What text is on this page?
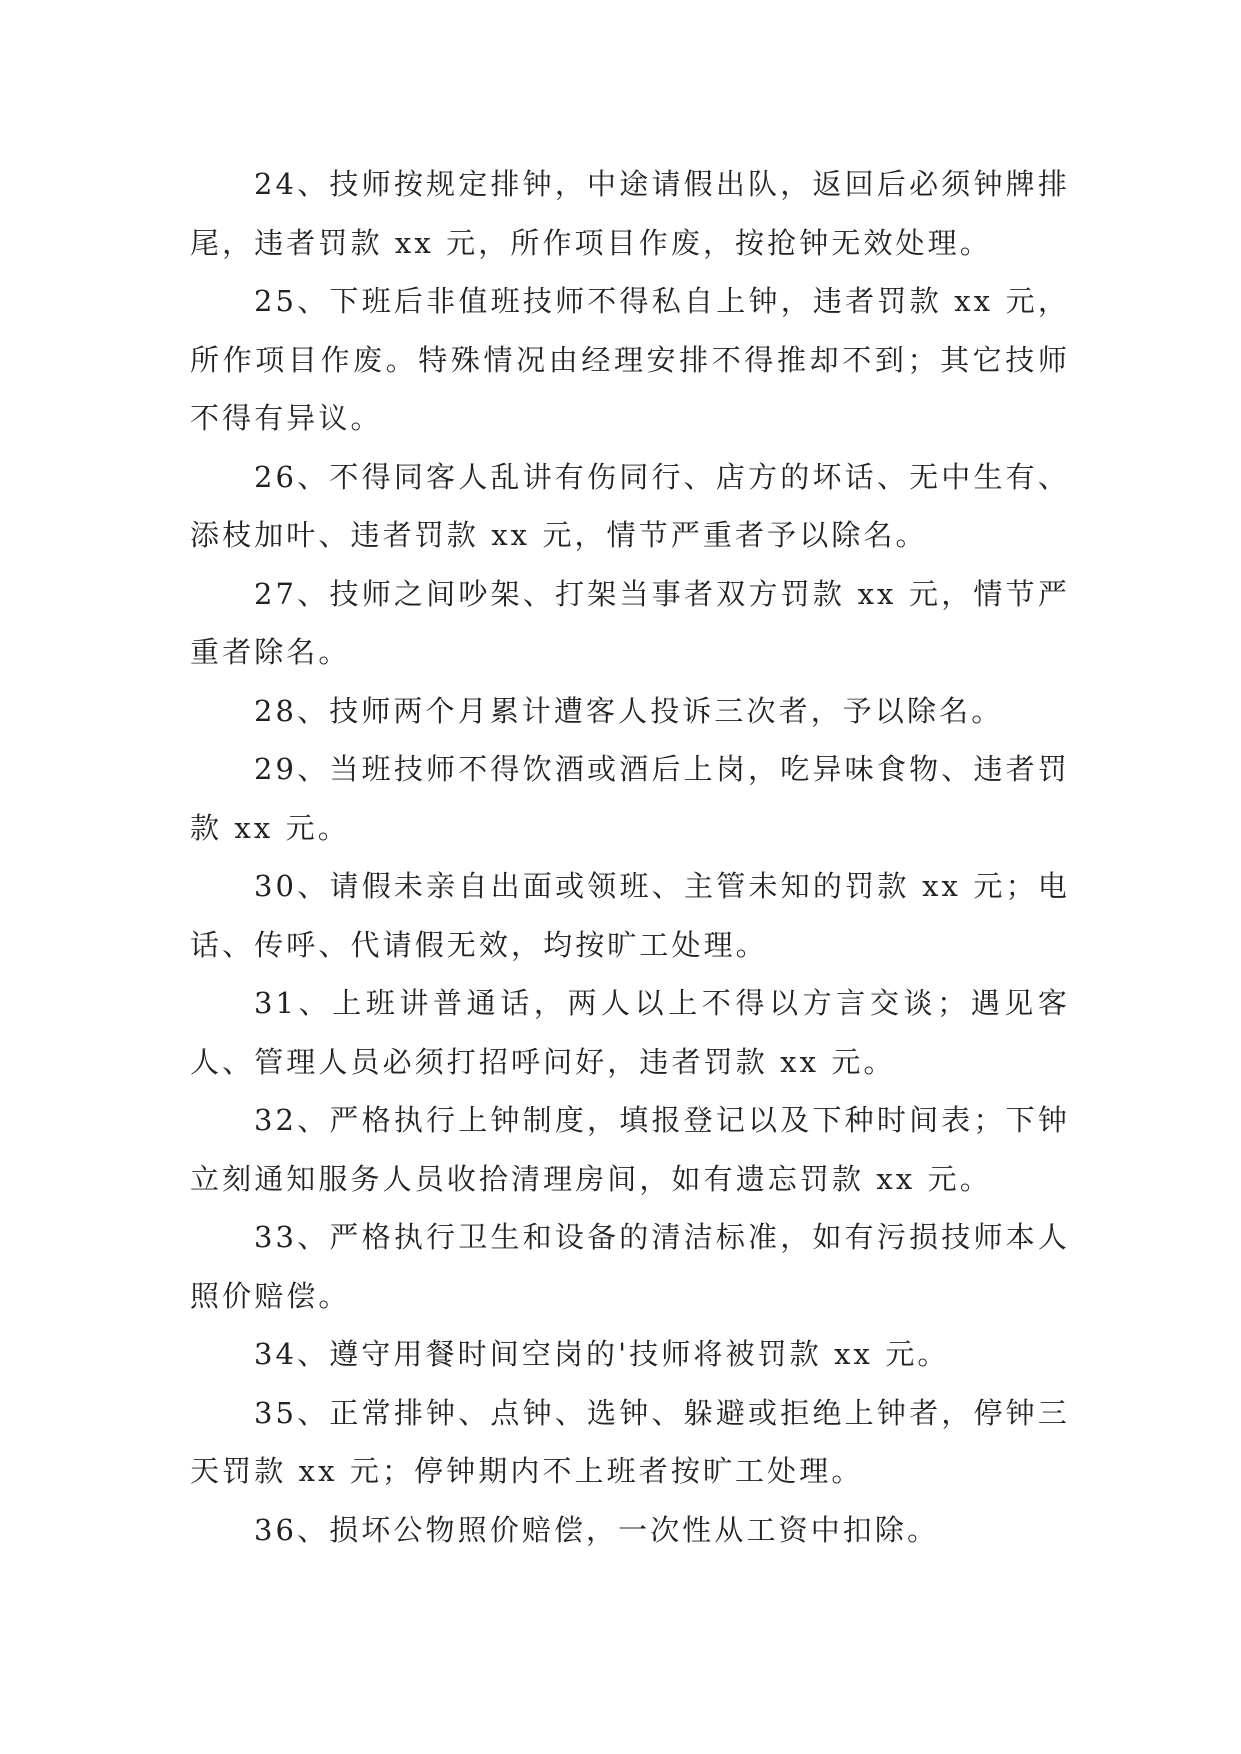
24、技师按规定排钟，中途请假出队，返回后必须钟牌排尾，违者罚款 xx 元，所作项目作废，按抢钟无效处理。

25、下班后非值班技师不得私自上钟，违者罚款 xx 元，所作项目作废。特殊情况由经理安排不得推却不到；其它技师不得有异议。

26、不得同客人乱讲有伤同行、店方的坏话、无中生有、添枝加叶、违者罚款 xx 元，情节严重者予以除名。

27、技师之间吵架、打架当事者双方罚款 xx 元，情节严重者除名。

28、技师两个月累计遭客人投诉三次者，予以除名。

29、当班技师不得饮酒或酒后上岗，吃异味食物、违者罚款 xx 元。

30、请假未亲自出面或领班、主管未知的罚款 xx 元；电话、传呼、代请假无效，均按旷工处理。

31、上班讲普通话，两人以上不得以方言交谈；遇见客人、管理人员必须打招呼问好，违者罚款 xx 元。

32、严格执行上钟制度，填报登记以及下种时间表；下钟立刻通知服务人员收拾清理房间，如有遗忘罚款 xx 元。

33、严格执行卫生和设备的清洁标准，如有污损技师本人照价赔偿。

34、遵守用餐时间空岗的'技师将被罚款 xx 元。

35、正常排钟、点钟、选钟、躲避或拒绝上钟者，停钟三天罚款 xx 元；停钟期内不上班者按旷工处理。

36、损坏公物照价赔偿，一次性从工资中扣除。
